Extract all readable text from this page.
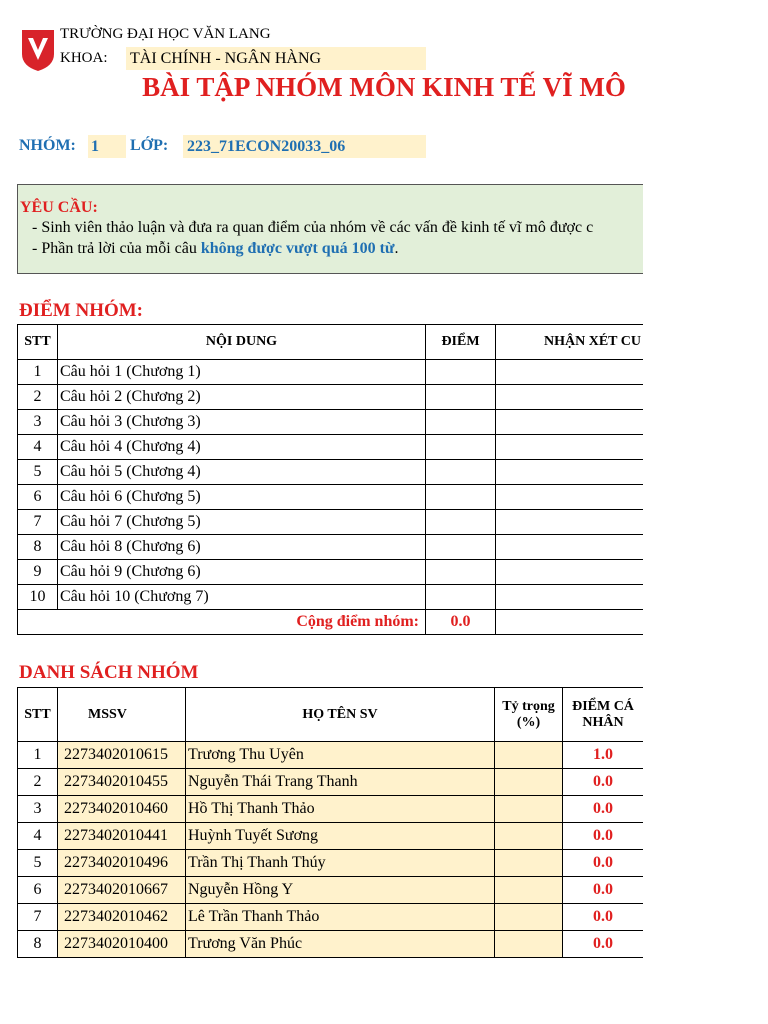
TRƯỜNG ĐẠI HỌC VĂN LANG
KHOA: TÀI CHÍNH - NGÂN HÀNG
BÀI TẬP NHÓM MÔN KINH TẾ VĨ MÔ
NHÓM: 1	LỚP: 223_71ECON20033_06
YÊU CẦU:
- Sinh viên thảo luận và đưa ra quan điểm của nhóm về các vấn đề kinh tế vĩ mô được c
- Phần trả lời của mỗi câu không được vượt quá 100 từ.
ĐIỂM NHÓM:
STT	NỘI DUNG	ĐIỂM	NHẬN XÉT CU
1	Câu hỏi 1 (Chương 1)		
2	Câu hỏi 2 (Chương 2)		
3	Câu hỏi 3 (Chương 3)		
4	Câu hỏi 4 (Chương 4)		
5	Câu hỏi 5 (Chương 4)		
6	Câu hỏi 6 (Chương 5)		
7	Câu hỏi 7 (Chương 5)		
8	Câu hỏi 8 (Chương 6)		
9	Câu hỏi 9 (Chương 6)		
10	Câu hỏi 10 (Chương 7)		
Cộng điểm nhóm:		0.0	
DANH SÁCH NHÓM
STT	MSSV	HỌ TÊN SV	Tỷ trọng (%)	ĐIỂM CÁ NHÂN
1	2273402010615	Trương Thu Uyên		1.0
2	2273402010455	Nguyễn Thái Trang Thanh		0.0
3	2273402010460	Hồ Thị Thanh Thảo		0.0
4	2273402010441	Huỳnh Tuyết Sương		0.0
5	2273402010496	Trần Thị Thanh Thúy		0.0
6	2273402010667	Nguyễn Hồng Y		0.0
7	2273402010462	Lê Trần Thanh Thảo		0.0
8	2273402010400	Trương Văn Phúc		0.0
